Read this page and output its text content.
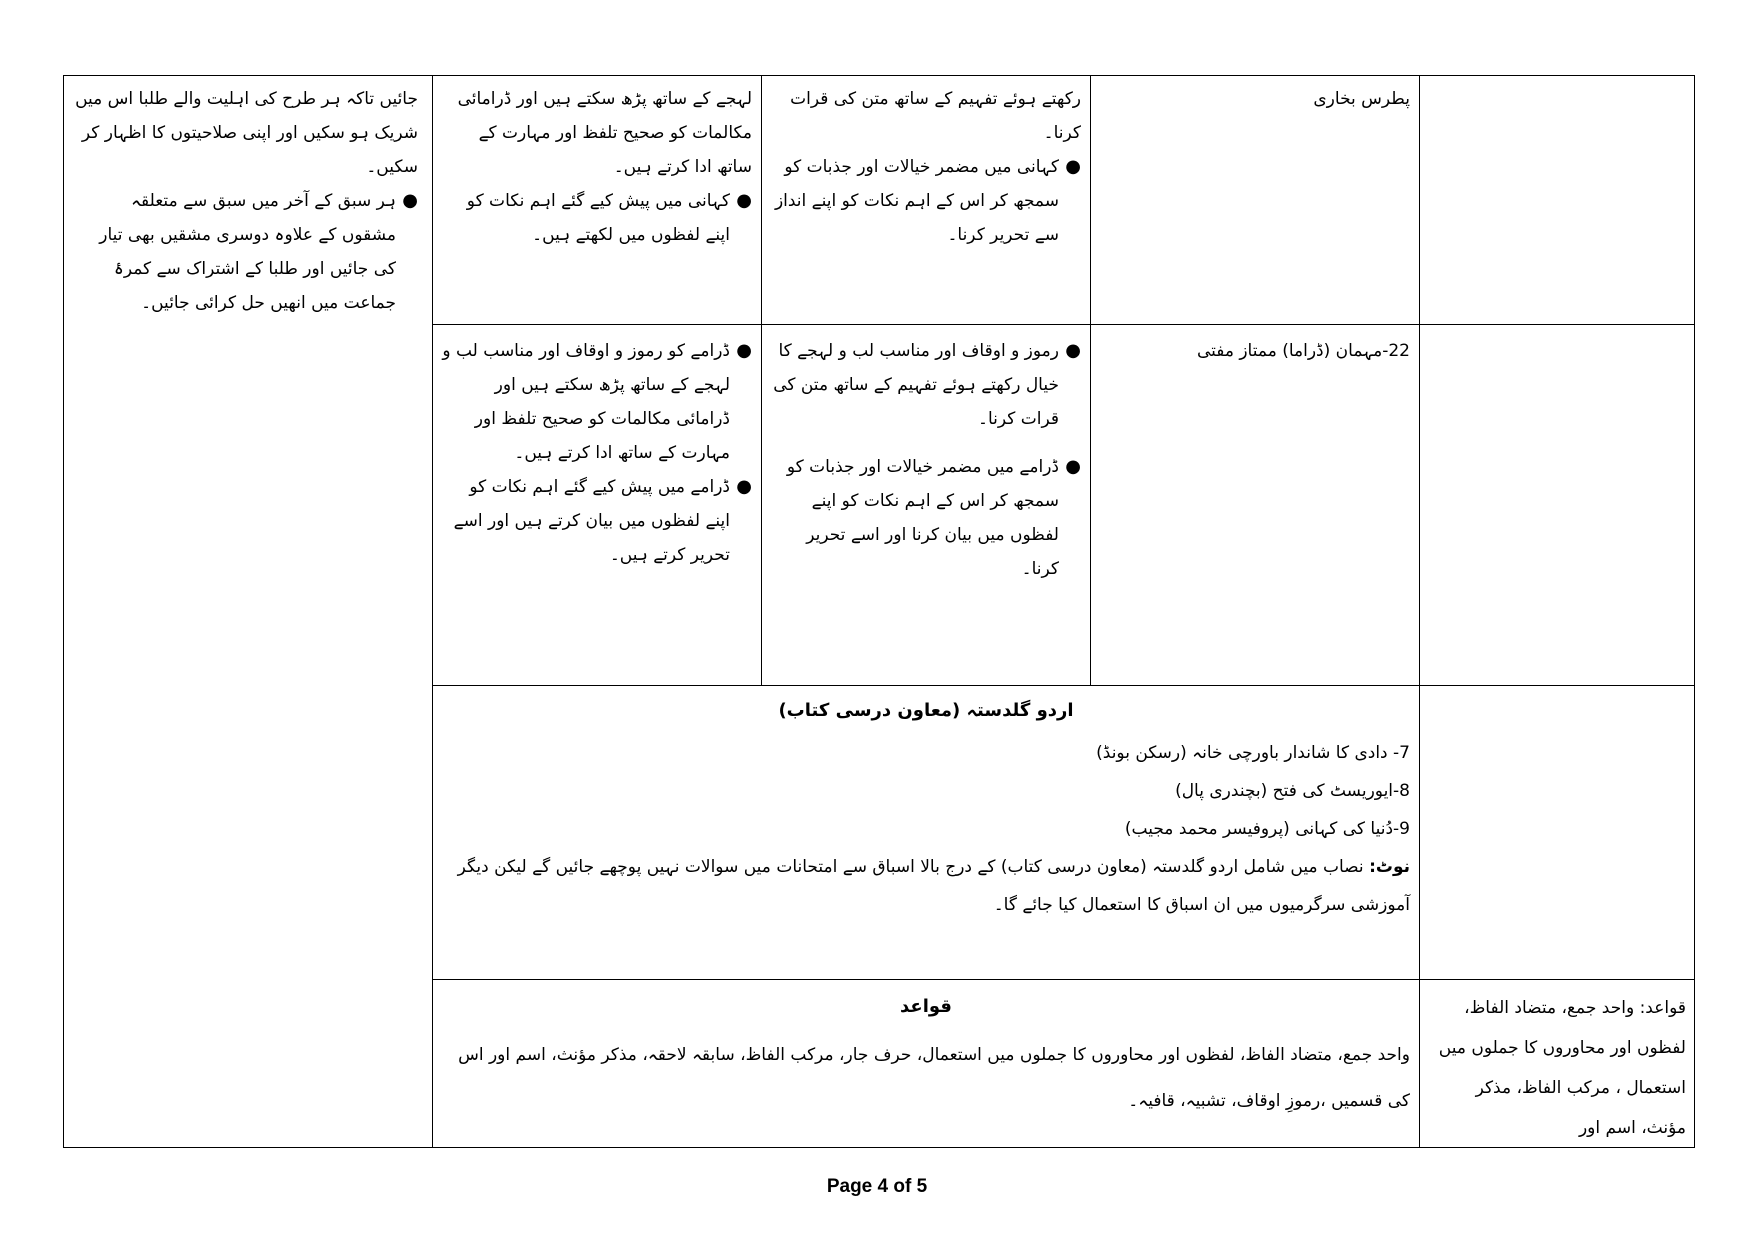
جائیں تاکہ ہر طرح کی اہلیت والے طلبا اس میں شریک ہو سکیں اور اپنی صلاحیتوں کا اظہار کر سکیں۔

●
ہر سبق کے آخر میں سبق سے متعلقہ مشقوں کے علاوہ دوسری مشقیں بھی تیار کی جائیں اور طلبا کے اشتراک سے کمرۂ جماعت میں انھیں حل کرائی جائیں۔

لہجے کے ساتھ پڑھ سکتے ہیں اور ڈرامائی مکالمات کو صحیح تلفظ اور مہارت کے ساتھ ادا کرتے ہیں۔

●
کہانی میں پیش کیے گئے اہم نکات کو اپنے لفظوں میں لکھتے ہیں۔

رکھتے ہوئے تفہیم کے ساتھ متن کی قرات کرنا۔

●
کہانی میں مضمر خیالات اور جذبات کو سمجھ کر اس کے اہم نکات کو اپنے انداز سے تحریر کرنا۔

پطرس بخاری

●
ڈرامے کو رموز و اوقاف اور مناسب لب و لہجے کے ساتھ پڑھ سکتے ہیں اور ڈرامائی مکالمات کو صحیح تلفظ اور مہارت کے ساتھ ادا کرتے ہیں۔
●
ڈرامے میں پیش کیے گئے اہم نکات کو اپنے لفظوں میں بیان کرتے ہیں اور اسے تحریر کرتے ہیں۔
●
رموز و اوقاف اور مناسب لب و لہجے کا خیال رکھتے ہوئے تفہیم کے ساتھ متن کی قرات کرنا۔
●
ڈرامے میں مضمر خیالات اور جذبات کو سمجھ کر اس کے اہم نکات کو اپنے لفظوں میں بیان کرنا اور اسے تحریر کرنا۔

22-مہمان (ڈراما) ممتاز مفتی

اردو گلدستہ (معاون درسی کتاب)

7- دادی کا شاندار باورچی خانہ (رسکن بونڈ)

8-ایوریسٹ کی فتح (بچندری پال)

9-دُنیا کی کہانی (پروفیسر محمد مجیب)

نوٹ: نصاب میں شامل اردو گلدستہ (معاون درسی کتاب) کے درج بالا اسباق سے امتحانات میں سوالات نہیں پوچھے جائیں گے لیکن دیگر آموزشی سرگرمیوں میں ان اسباق کا استعمال کیا جائے گا۔

قواعد: واحد جمع، متضاد الفاظ، لفظوں اور محاوروں کا جملوں میں استعمال ، مرکب الفاظ، مذکر مؤنث، اسم اور

قواعد

واحد جمع، متضاد الفاظ، لفظوں اور محاوروں کا جملوں میں استعمال، حرف جار، مرکب الفاظ، سابقہ لاحقہ، مذکر مؤنث، اسم اور اس کی قسمیں ،رموزِ اوقاف، تشبیہ، قافیہ۔

Page 4 of 5
